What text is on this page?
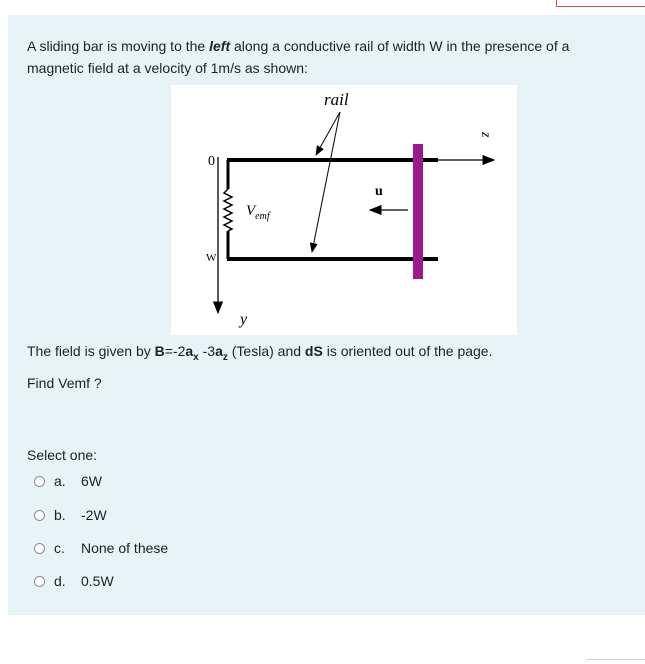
A sliding bar is moving to the left along a conductive rail of width W in the presence of a magnetic field at a velocity of 1m/s as shown:
rail
0
W
u
z
y
$V_{emf}$
The field is given by $B=-2a_x$ $-3a_z$ (Tesla) and dS is oriented out of the page.
Find Vemf ?
Select one:
a.	6W
b.	-2W
c.	None of these
d.	0.5W
